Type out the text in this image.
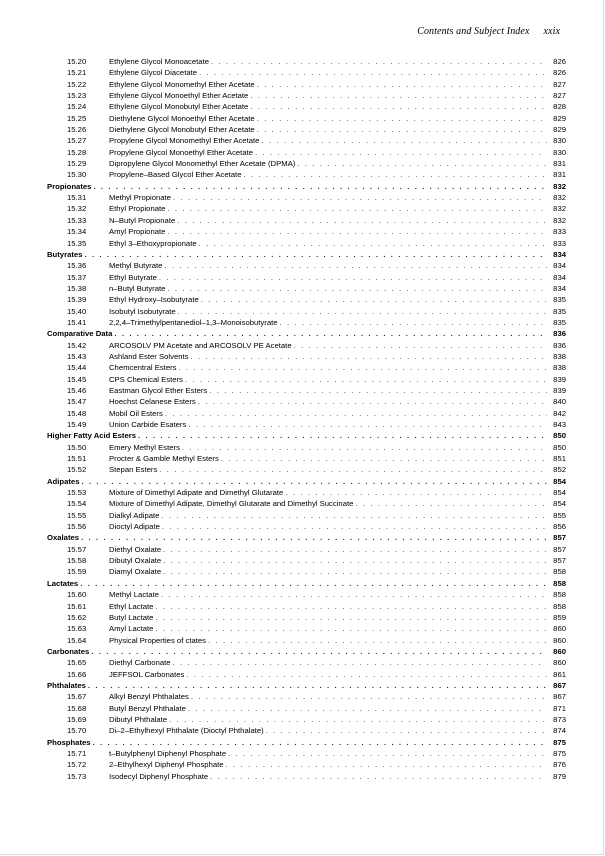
Contents and Subject Index xxix
15.20	Ethylene Glycol Monoacetate . . .	826
15.21	Ethylene Glycol Diacetate . . .	826
15.22	Ethylene Glycol Monomethyl Ether Acetate . . .	827
15.23	Ethylene Glycol Monoethyl Ether Acetate . . .	827
15.24	Ethylene Glycol Monobutyl Ether Acetate . . .	828
15.25	Diethylene Glycol Monoethyl Ether Acetate . . .	829
15.26	Diethylene Glycol Monobutyl Ether Acetate . . .	829
15.27	Propylene Glycol Monomethyl Ether Acetate . . .	830
15.28	Propylene Glycol Monoethyl Ether Acetate . . .	830
15.29	Dipropylene Glycol Monomethyl Ether Acetate (DPMA) . . .	831
15.30	Propylene–Based Glycol Ether Acetate . . .	831
Propionates . . .	832
15.31	Methyl Propionate . . .	832
15.32	Ethyl Propionate . . .	832
15.33	N–Butyl Propionate . . .	832
15.34	Amyl Propionate . . .	833
15.35	Ethyl 3–Ethoxypropionate . . .	833
Butyrates . . .	834
15.36	Methyl Butyrate . . .	834
15.37	Ethyl Butyrate . . .	834
15.38	n–Butyl Butyrate . . .	834
15.39	Ethyl Hydroxy–Isobutyrate . . .	835
15.40	Isobutyl Isobutyrate . . .	835
15.41	2,2,4–Trimethylpentanediol–1,3–Monoisobutyrate . . .	835
Comparative Data . . .	836
15.42	ARCOSOLV PM Acetate and ARCOSOLV PE Acetate . . .	836
15.43	Ashland Ester Solvents . . .	838
15.44	Chemcentral Esters . . .	838
15.45	CPS Chemical Esters . . .	839
15.46	Eastman Glycol Ether Esters . . .	839
15.47	Hoechst Celanese Esters . . .	840
15.48	Mobil Oil Esters . . .	842
15.49	Union Carbide Esaters . . .	843
Higher Fatty Acid Esters . . .	850
15.50	Emery Methyl Esters . . .	850
15.51	Procter & Gamble Methyl Esters . . .	851
15.52	Stepan Esters . . .	852
Adipates . . .	854
15.53	Mixture of Dimethyl Adipate and Dimethyl Glutarate . . .	854
15.54	Mixture of Dimethyl Adipate, Dimethyl Glutarate and Dimethyl Succinate . . .	854
15.55	Dialkyl Adipate . . .	855
15.56	Dioctyl Adipate . . .	856
Oxalates . . .	857
15.57	Diethyl Oxalate . . .	857
15.58	Dibutyl Oxalate . . .	857
15.59	Diamyl Oxalate . . .	858
Lactates . . .	858
15.60	Methyl Lactate . . .	858
15.61	Ethyl Lactate . . .	858
15.62	Butyl Lactate . . .	859
15.63	Amyl Lactate . . .	860
15.64	Physical Properties of ctates . . .	860
Carbonates . . .	860
15.65	Diethyl Carbonate . . .	860
15.66	JEFFSOL Carbonates . . .	861
Phthalates . . .	867
15.67	Alkyl Benzyl Phthalates . . .	867
15.68	Butyl Benzyl Phthalate . . .	871
15.69	Dibutyl Phthalate . . .	873
15.70	Di–2–Ethylhexyl Phthalate (Dioctyl Phthalate) . . .	874
Phosphates . . .	875
15.71	t–Butylphenyl Diphenyl Phosphate . . .	875
15.72	2–Ethylhexyl Diphenyl Phosphate . . .	876
15.73	Isodecyl Diphenyl Phosphate . . .	879
